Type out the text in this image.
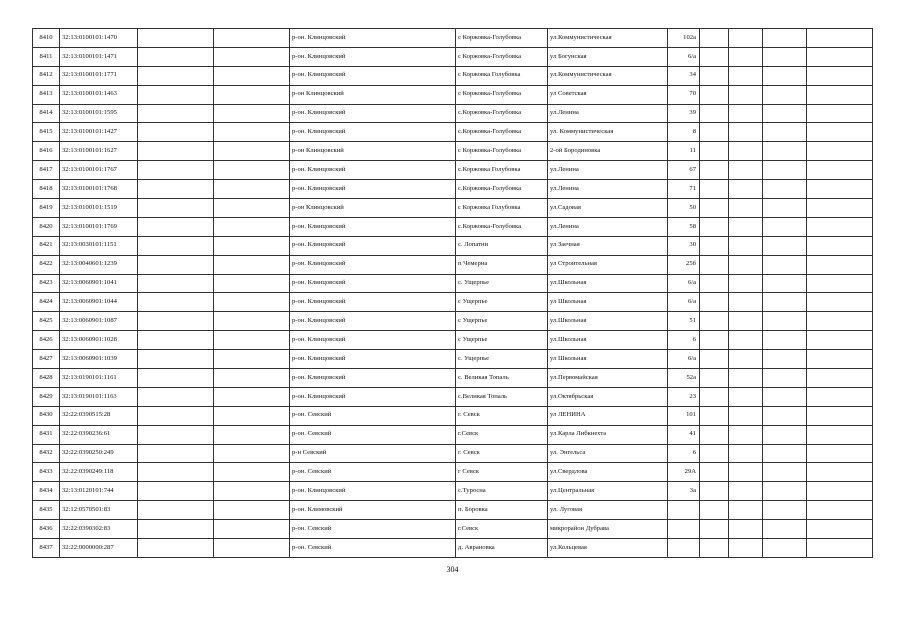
8410	32:13:0100101:1470			р-он. Клинцовский	с Коржовка-Голубовка	ул.Коммунистическая	102а				
8411	32:13:0100101:1471			р-он. Клинцовский	с Коржовка-Голубовка	ул Богунская	6/а				
8412	32:13:0100101:1771			р-он. Клинцовский	с Коржовка Голубовка	ул.Коммунистическая	34				
8413	32:13:0100101:1463			р-он Клинцовский	с Коржовка-Голубовка	ул Советская	70				
8414	32:13:0100101:1595			р-он. Клинцовский	с.Коржовка-Голубовка	ул.Ленина	39				
8415	32:13:0100101:1427			р-он. Клинцовский	с.Коржовка-Голубовка	ул. Коммунистическая	8				
8416	32:13:0100101:1627			р-он Клинцовский	с Коржовка-Голубовка	2-ой Бородиновка	11				
8417	32:13:0100101:1767			р-он. Клинцовский	с.Коржовка Голубовка	ул.Ленина	67				
8418	32:13:0100101:1768			р-он. Клинцовский	с.Коржовка-Голубовка	ул.Ленина	71				
8419	32:13:0100101:1519			р-он Клинцовский	с Коржовка Голубовка	ул.Садовая	50				
8420	32:13:0100101:1769			р-он. Клинцовский	с.Коржовка-Голубовка	ул.Ленина	58				
8421	32:13:0030101:1151			р-он. Клинцовский	с. Лопатни	ул Заечная	30				
8422	32:13:0040601:1239			р-он. Клинцовский	п Чемерна	ул Строительная	25б				
8423	32:13:0060901:1041			р-он. Клинцовский	с. Ущерпье	ул.Школьная	6/а				
8424	32:13:0060901:1044			р-он. Клинцовский	с Ущерпье	ул Школьная	6/а				
8425	32:13:0060901:1087			р-он. Клинцовский	с Ущерпье	ул.Школьная	51				
8426	32:13:0060901:1028			р-он. Клинцовский	с Ущерпье	ул.Школьная	6				
8427	32:13:0060901:1039			р-он. Клинцовский	с. Ущерпье	ул Школьная	6/а				
8428	32:13:0190101:1161			р-он. Клинцовский	с. Великая Топаль	ул.Первомайская	52а				
8429	32:13:0190101:1163			р-он. Клинцовский	с.Великая Топаль	ул.Октябрьская	23				
8430	32:22:0390515:28			р-он. Севский	г. Севск	ул ЛЕНИНА	101				
8431	32:22:0390236:61			р-он. Севский	г.Севск	ул.Карла Либкнехта	41				
8432	32:22:0390250:249			р-н Севский	г. Севск	ул. Энгельса	6				
8433	32:22:0390249:118			р-он. Севский	г Севск	ул.Свердлова	29А				
8434	32:13:0120101:744			р-он. Клинцовский	с.Туросна	ул.Центральная	3а				
8435	32:12:0570501:83			р-он. Климовский	п. Боровка	ул. Луговая					
8436	32:22:0390302:83			р-он. Севский	г.Севск	микрорайон Дубрава					
8437	32:22:0000000:287			р-он. Севский	д. Аврановка	ул.Кольцевая					
304
